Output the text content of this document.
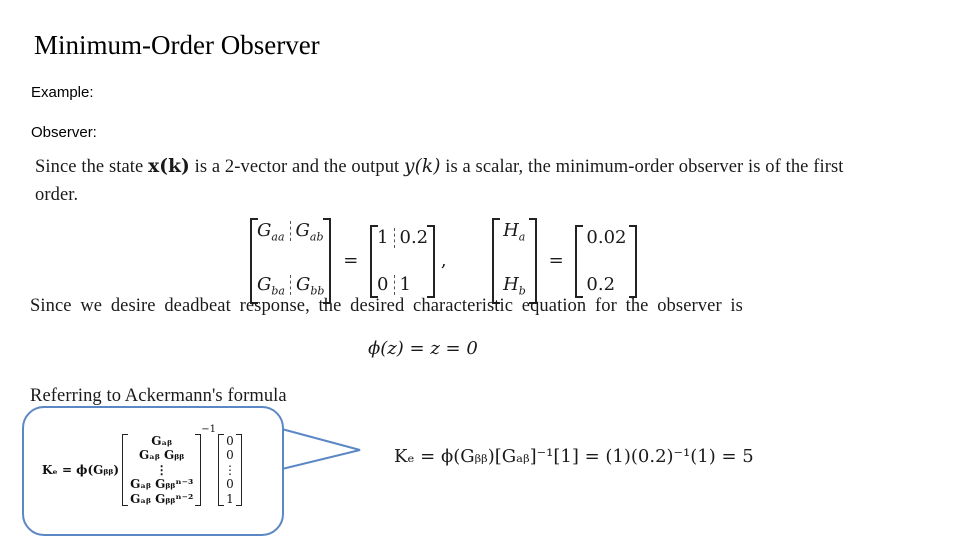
Minimum-Order Observer
Example:
Observer:
Since the state x(k) is a 2-vector and the output y(k) is a scalar, the minimum-order observer is of the first
order.
$G_{aa}$ $G_{ab}$
$G_{ba}$ $G_{bb}$
=
1 0.2
0 1
,
$H_a$
$H_b$
=
0.02
0.2
Since we desire deadbeat response, the desired characteristic equation for the observer is
ϕ(z) = z = 0
Referring to Ackermann's formula
Kₑ = ϕ(Gᵦᵦ)
Gₐᵦ
Gₐᵦ Gᵦᵦ
⋮
Gₐᵦ Gᵦᵦⁿ⁻³
Gₐᵦ Gᵦᵦⁿ⁻²
$^{-1}$
0
0
⋮
0
1
Kₑ = ϕ(Gᵦᵦ)[Gₐᵦ]⁻¹[1] = (1)(0.2)⁻¹(1) = 5
